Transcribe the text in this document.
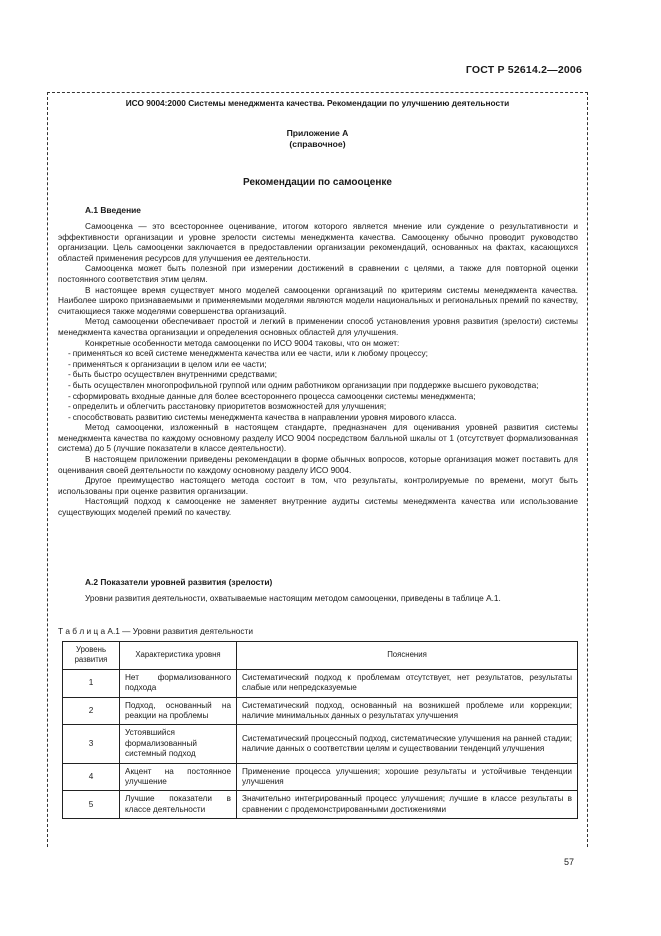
ГОСТ Р 52614.2—2006
ИСО 9004:2000 Системы менеджмента качества. Рекомендации по улучшению деятельности
Приложение А
(справочное)
Рекомендации по самооценке
А.1 Введение

Самооценка — это всестороннее оценивание, итогом которого является мнение или суждение о результативности и эффективности организации и уровне зрелости системы менеджмента качества. Самооценку обычно проводит руководство организации. Цель самооценки заключается в предоставлении организации рекомендаций, основанных на фактах, касающихся областей применения ресурсов для улучшения ее деятельности.

Самооценка может быть полезной при измерении достижений в сравнении с целями, а также для повторной оценки постоянного соответствия этим целям.

В настоящее время существует много моделей самооценки организаций по критериям системы менеджмента качества. Наиболее широко признаваемыми и применяемыми моделями являются модели национальных и региональных премий по качеству, считающиеся также моделями совершенства организаций.

Метод самооценки обеспечивает простой и легкий в применении способ установления уровня развития (зрелости) системы менеджмента качества организации и определения основных областей для улучшения.

Конкретные особенности метода самооценки по ИСО 9004 таковы, что он может:

- применяться ко всей системе менеджмента качества или ее части, или к любому процессу;

- применяться к организации в целом или ее части;

- быть быстро осуществлен внутренними средствами;

- быть осуществлен многопрофильной группой или одним работником организации при поддержке высшего руководства;

- сформировать входные данные для более всестороннего процесса самооценки системы менеджмента;

- определить и облегчить расстановку приоритетов возможностей для улучшения;

- способствовать развитию системы менеджмента качества в направлении уровня мирового класса.

Метод самооценки, изложенный в настоящем стандарте, предназначен для оценивания уровней развития системы менеджмента качества по каждому основному разделу ИСО 9004 посредством балльной шкалы от 1 (отсутствует формализованная система) до 5 (лучшие показатели в классе деятельности).

В настоящем приложении приведены рекомендации в форме обычных вопросов, которые организация может поставить для оценивания своей деятельности по каждому основному разделу ИСО 9004.

Другое преимущество настоящего метода состоит в том, что результаты, контролируемые по времени, могут быть использованы при оценке развития организации.

Настоящий подход к самооценке не заменяет внутренние аудиты системы менеджмента качества или использование существующих моделей премий по качеству.

А.2 Показатели уровней развития (зрелости)

Уровни развития деятельности, охватываемые настоящим методом самооценки, приведены в таблице А.1.

Т а б л и ц а А.1 — Уровни развития деятельности
Уровень развития	Характеристика уровня	Пояснения
1	Нет формализованного подхода	Систематический подход к проблемам отсутствует, нет результатов, результаты слабые или непредсказуемые
2	Подход, основанный на реакции на проблемы	Систематический подход, основанный на возникшей проблеме или коррекции; наличие минимальных данных о результатах улучшения
3	Устоявшийся формализованный системный подход	Систематический процессный подход, систематические улучшения на ранней стадии; наличие данных о соответствии целям и существовании тенденций улучшения
4	Акцент на постоянное улучшение	Применение процесса улучшения; хорошие результаты и устойчивые тенденции улучшения
5	Лучшие показатели в классе деятельности	Значительно интегрированный процесс улучшения; лучшие в классе результаты в сравнении с продемонстрированными достижениями
57
